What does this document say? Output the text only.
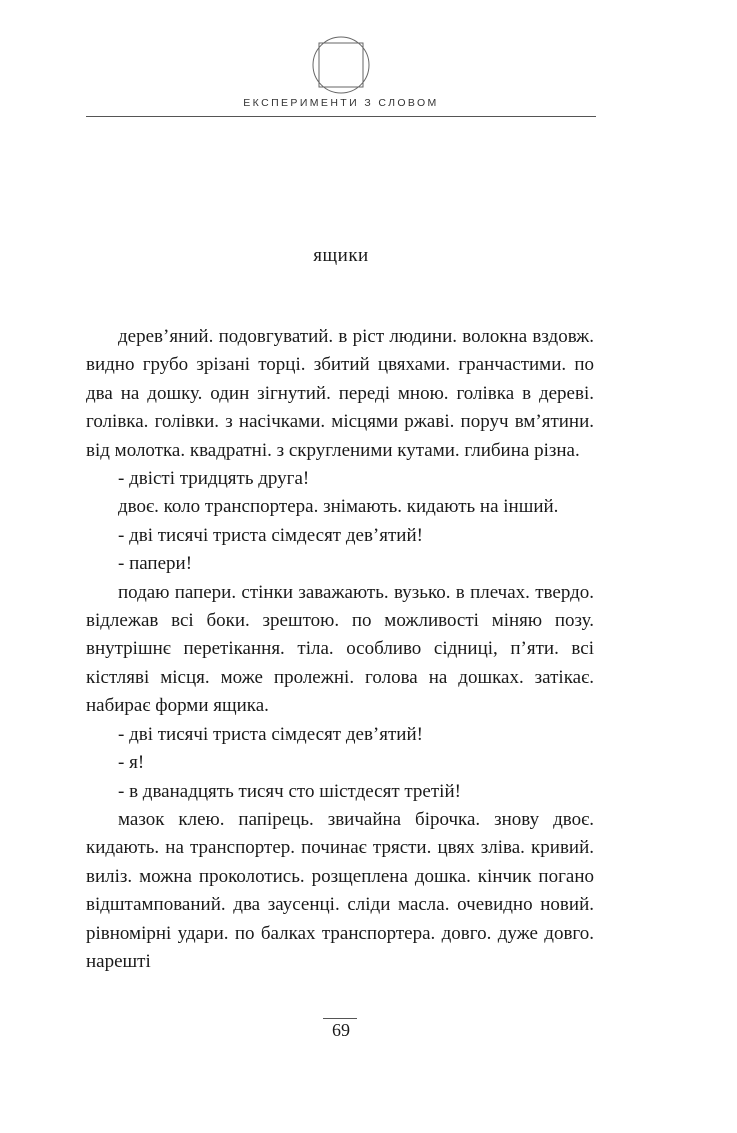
ЕКСПЕРИМЕНТИ З СЛОВОМ
ящики

дерев’яний. подовгуватий. в ріст людини. волокна вздовж. видно грубо зрізані торці. збитий цвяхами. гранчастими. по два на дошку. один зігнутий. переді мною. голівка в дереві. голівка. голівки. з насічками. місцями ржаві. поруч вм’ятини. від молотка. квадратні. з скругленими кутами. глибина різна.

- двісті тридцять друга!

двоє. коло транспортера. знімають. кидають на інший.

- дві тисячі триста сімдесят дев’ятий!

- папери!

подаю папери. стінки заважають. вузько. в плечах. твердо. відлежав всі боки. зрештою. по можливості міняю позу. внутрішнє перетікання. тіла. особливо сідниці, п’яти. всі кістляві місця. може пролежні. голова на дошках. затікає. набирає форми ящика.

- дві тисячі триста сімдесят дев’ятий!

- я!

- в дванадцять тисяч сто шістдесят третій!

мазок клею. папірець. звичайна бірочка. знову двоє. кидають. на транспортер. починає трясти. цвях зліва. кривий. виліз. можна проколотись. розщеплена дошка. кінчик погано відштампований. два заусенці. сліди масла. очевидно новий. рівномірні удари. по балках транспортера. довго. дуже довго. нарешті

69
